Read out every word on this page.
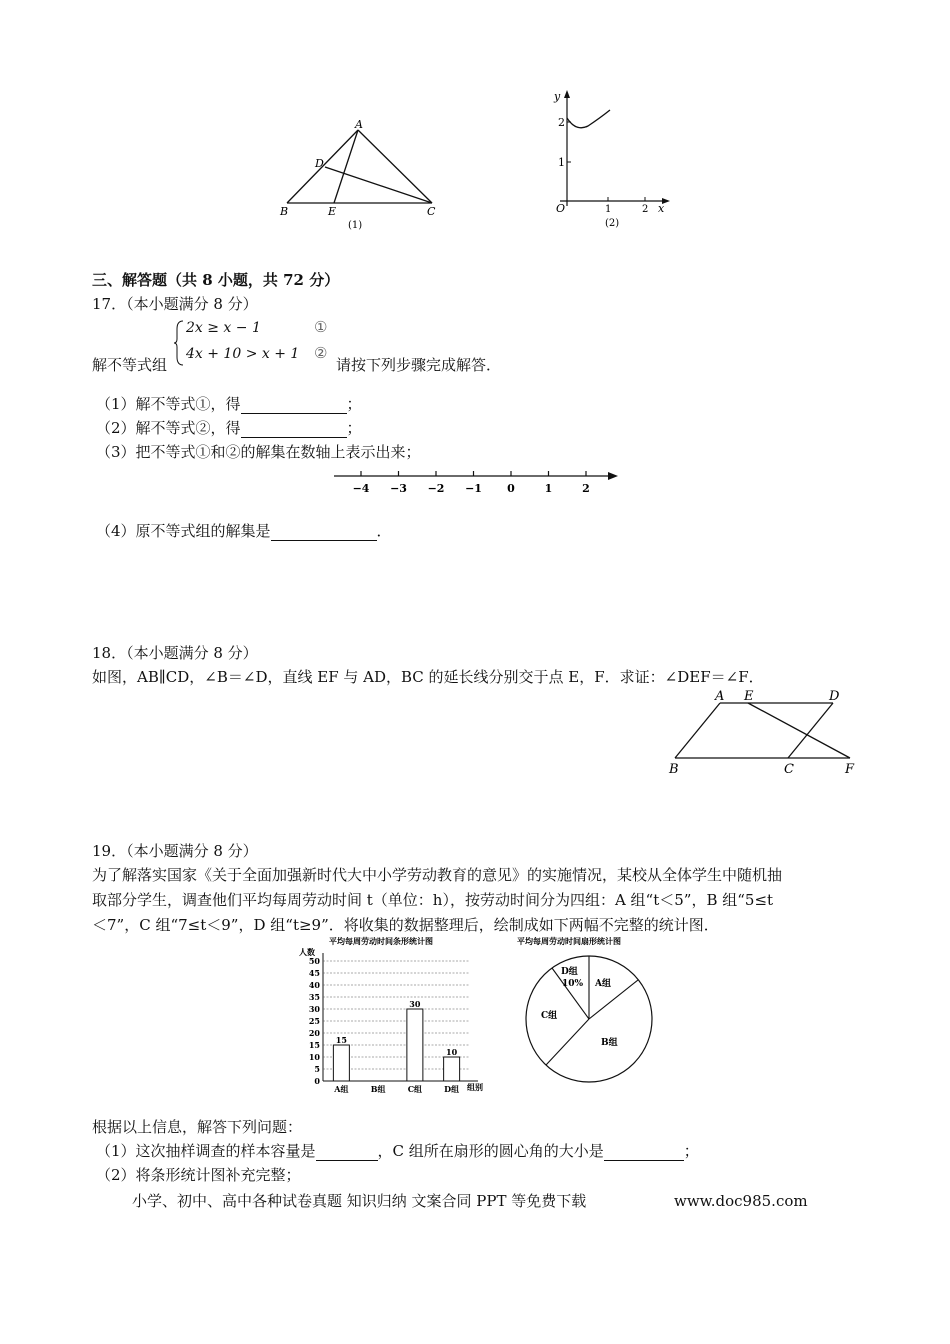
A
D
B	E	C
(1)
y
2
1
O	1	2 x
(2)
三、解答题（共 8 小题，共 72 分）
17．（本小题满分 8 分）
2x ≥ x − 1	①
4x + 10 > x + 1 ②
解不等式组	请按下列步骤完成解答．
（1）解不等式①，得	；
（2）解不等式②，得	；
（3）把不等式①和②的解集在数轴上表示出来；
−4 −3 −2 −1 0	1	2
（4）原不等式组的解集是	．
18．（本小题满分 8 分）
如图，AB∥CD，∠B＝∠D，直线 EF 与 AD，BC 的延长线分别交于点 E，F．求证：∠DEF＝∠F．
A E	D
B	C	F
19．（本小题满分 8 分）
为了解落实国家《关于全面加强新时代大中小学劳动教育的意见》的实施情况，某校从全体学生中随机抽
取部分学生，调查他们平均每周劳动时间 t（单位：h），按劳动时间分为四组：A 组“t＜5”，B 组“5≤t
＜7”，C 组“7≤t＜9”，D 组“t≥9”．将收集的数据整理后，绘制成如下两幅不完整的统计图．
平均每周劳动时间条形统计图
人数
组别
0
5
10
15
20
25
30
35
40
45
50
15
A组	B组
30
C组
10
D组
平均每周劳动时间扇形统计图
D组
10% A组
B组
C组
根据以上信息，解答下列问题：
（1）这次抽样调查的样本容量是	，C 组所在扇形的圆心角的大小是	；
（2）将条形统计图补充完整；
小学、初中、高中各种试卷真题 知识归纳 文案合同 PPT 等免费下载	www.doc985.com
